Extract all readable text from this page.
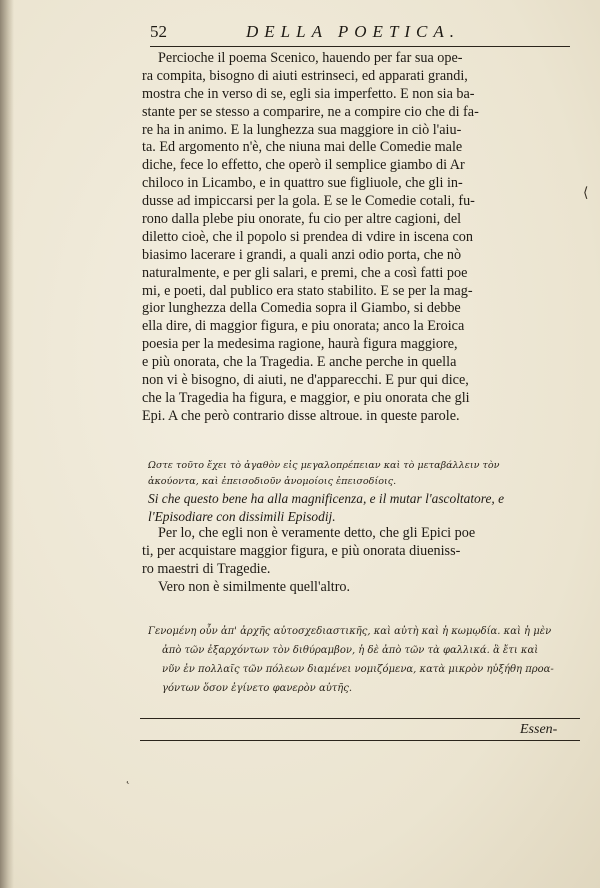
52	DELLA POETICA.
Percioche il poema Scenico, hauendo per far sua ope-
ra compita, bisogno di aiuti estrinseci, ed apparati grandi,
mostra che in verso di se, egli sia imperfetto. E non sia ba-
stante per se stesso a comparire, ne a compire cio che di fa-
re ha in animo. E la lunghezza sua maggiore in ciò l'aiu-
ta. Ed argomento n'è, che niuna mai delle Comedie male
diche, fece lo effetto, che operò il semplice giambo di Ar
chiloco in Licambo, e in quattro sue figliuole, che gli in-
dusse ad impiccarsi per la gola. E se le Comedie cotali, fu-
rono dalla plebe piu onorate, fu cio per altre cagioni, del
diletto cioè, che il popolo si prendea di vdire in iscena con
biasimo lacerare i grandi, a quali anzi odio porta, che nò
naturalmente, e per gli salari, e premi, che a così fatti poe
mi, e poeti, dal publico era stato stabilito. E se per la mag-
gior lunghezza della Comedia sopra il Giambo, si debbe
ella dire, di maggior figura, e piu onorata; anco la Eroica
poesia per la medesima ragione, haurà figura maggiore,
e più onorata, che la Tragedia. E anche perche in quella
non vi è bisogno, di aiuti, ne d'apparecchi. E pur qui dice,
che la Tragedia ha figura, e maggior, e piu onorata che gli
Epi. A che però contrario disse altroue. in queste parole.
Ωστε τοῦτο ἔχει τὸ ἀγαθὸν εἰς μεγαλοπρέπειαν καὶ τὸ μεταβάλλειν τὸν
ἀκούοντα, καὶ ἐπεισοδιοῦν ἀνομοίοις ἐπεισοδίοις.
Si che questo bene ha alla magnificenza, e il mutar l'ascoltatore, e
l'Episodiare con dissimili Episodij.
Per lo, che egli non è veramente detto, che gli Epici poe
ti, per acquistare maggior figura, e più onorata diueniss-
ro maestri di Tragedie.
Vero non è similmente quell'altro.
Γενομένη οὖν ἀπ' ἀρχῆς αὐτοσχεδιαστικῆς, καὶ αὐτὴ καὶ ἡ κωμῳδία. καὶ ἡ μὲν
ἀπὸ τῶν ἐξαρχόντων τὸν διθύραμβον, ἡ δὲ ἀπὸ τῶν τὰ φαλλικά. ἃ ἔτι καὶ
νῦν ἐν πολλαῖς τῶν πόλεων διαμένει νομιζόμενα, κατὰ μικρὸν ηὐξήθη προα-
γόντων ὅσον ἐγίνετο φανερὸν αὐτῆς.
Essen-
⟨
˛
